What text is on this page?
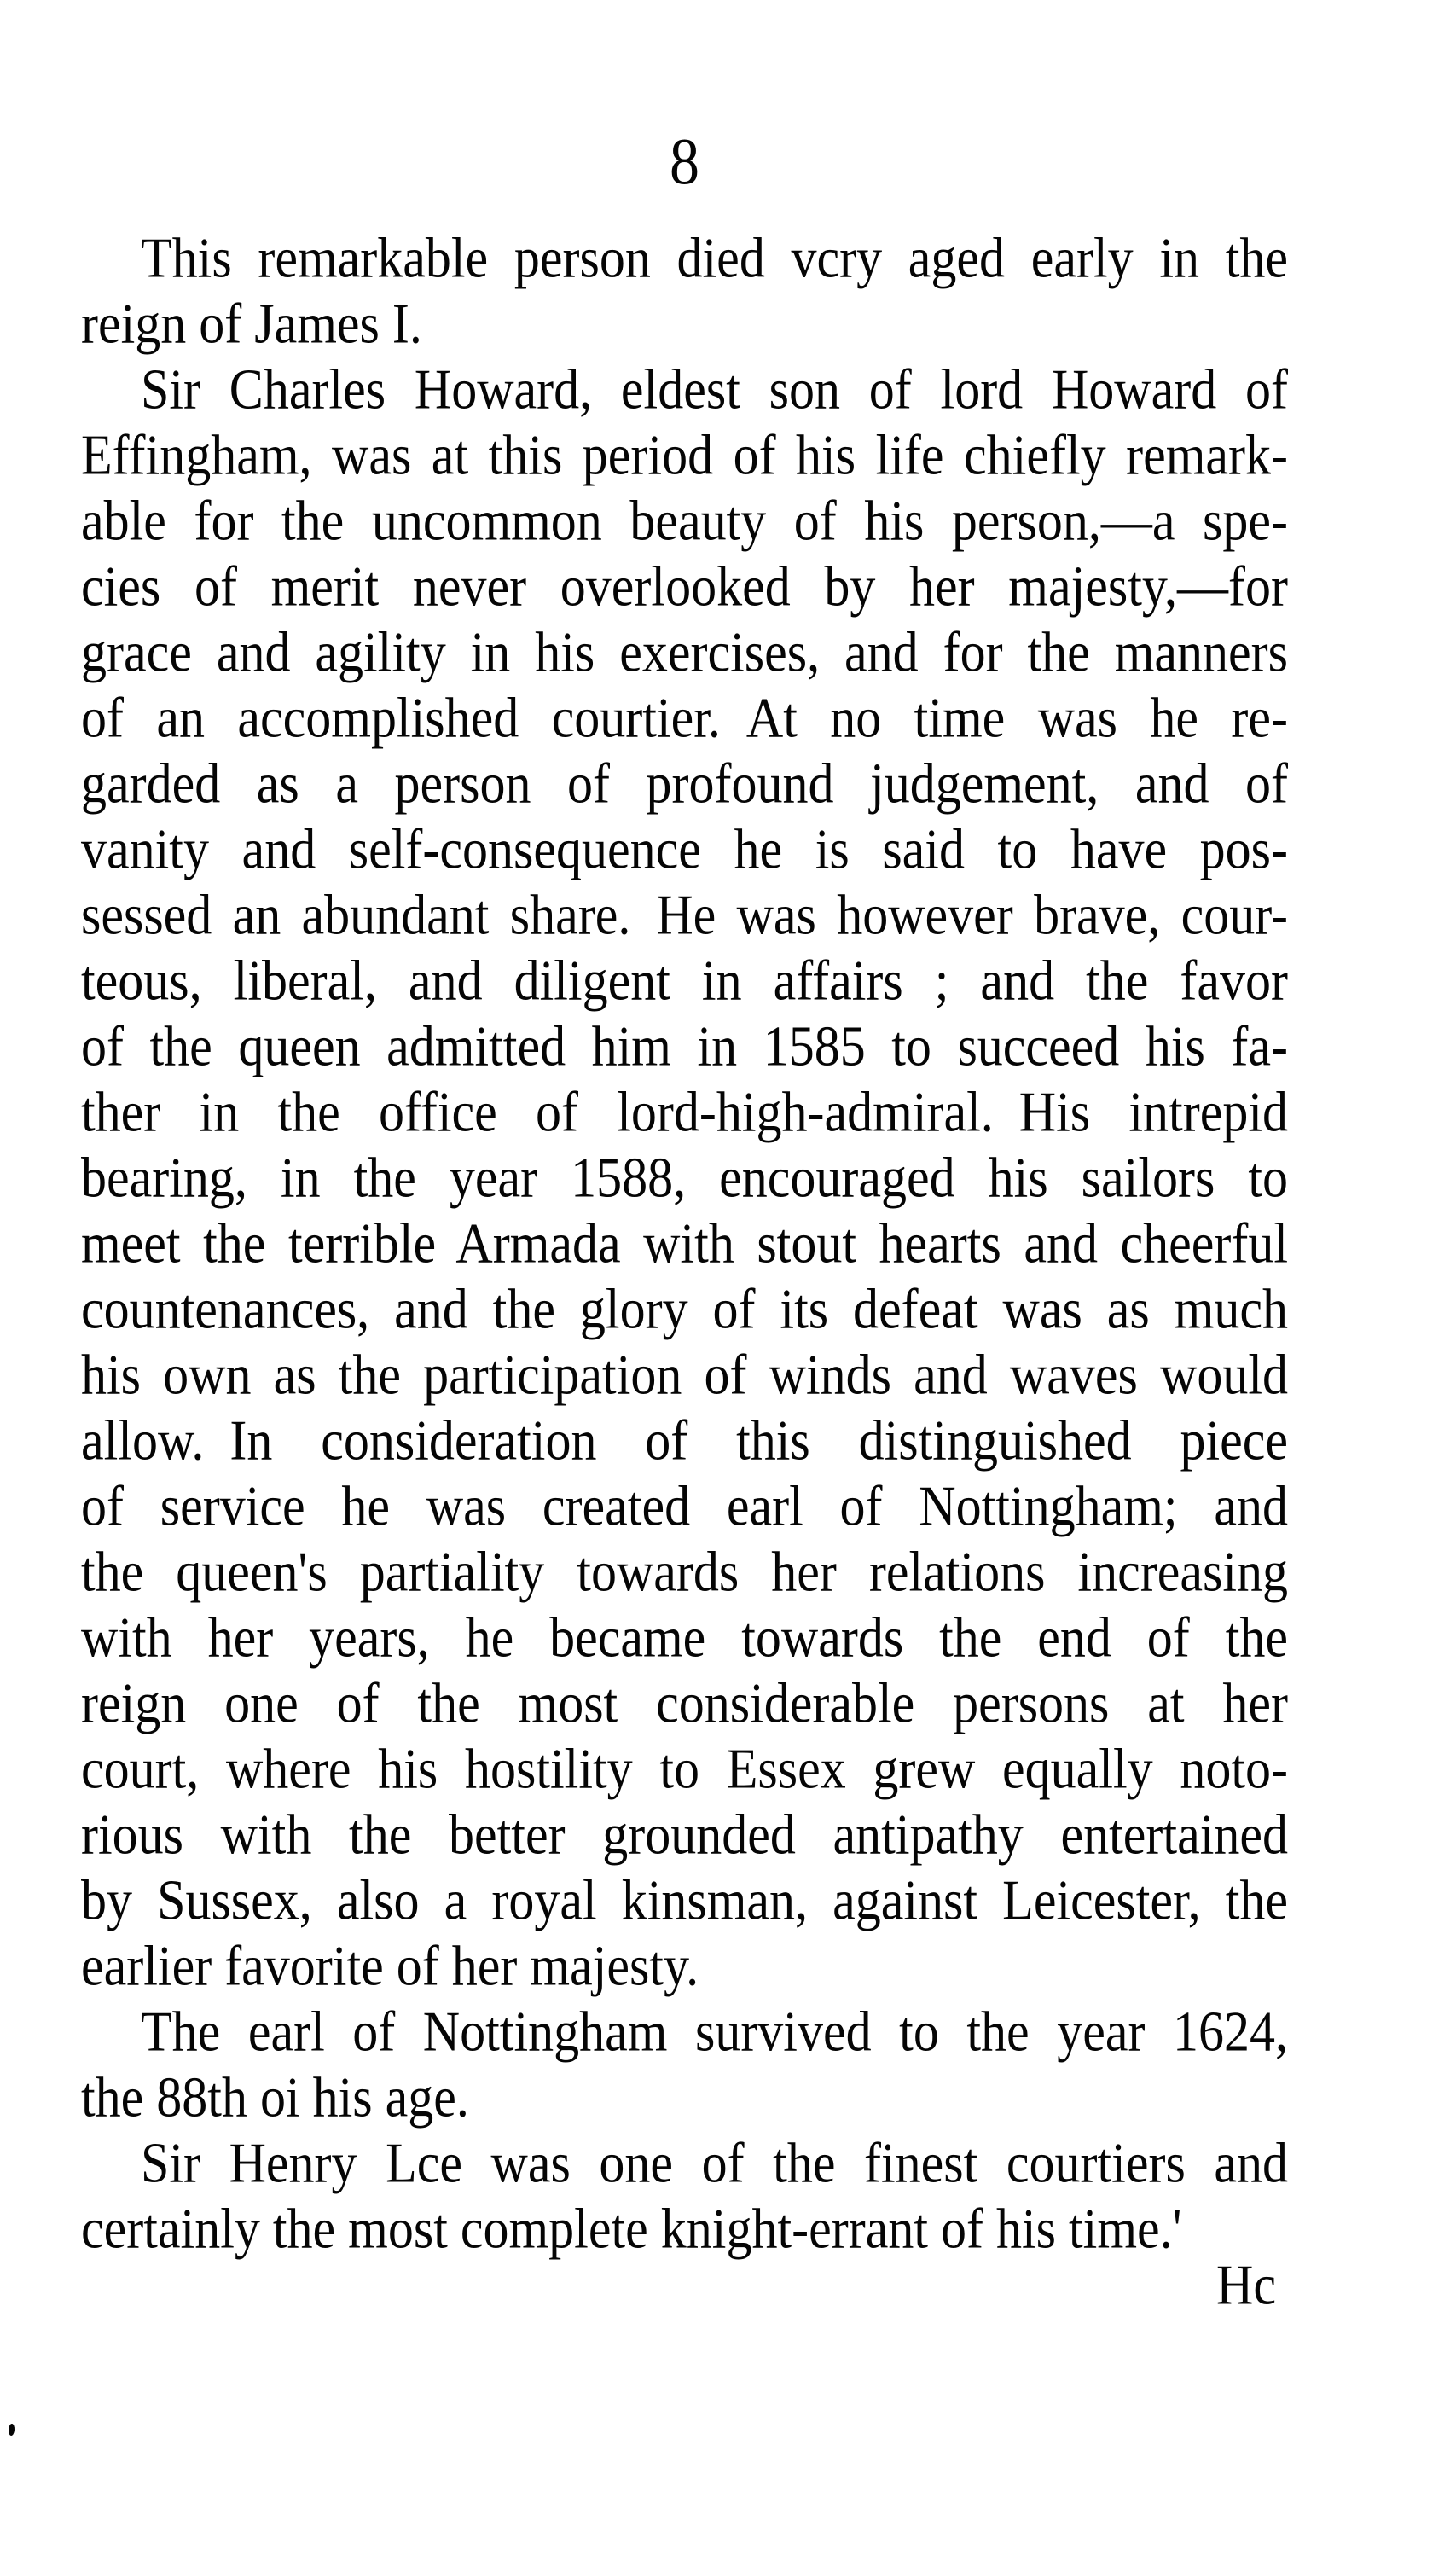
8
This remarkable person died vcry aged early in the
reign of James I.
Sir Charles Howard, eldest son of lord Howard of
Effingham, was at this period of his life chiefly remark-
able for the uncommon beauty of his person,—a spe-
cies of merit never overlooked by her majesty,—for
grace and agility in his exercises, and for the manners
of an accomplished courtier. At no time was he re-
garded as a person of profound judgement, and of
vanity and self-consequence he is said to have pos-
sessed an abundant share. He was however brave, cour-
teous, liberal, and diligent in affairs ; and the favor
of the queen admitted him in 1585 to succeed his fa-
ther in the office of lord-high-admiral. His intrepid
bearing, in the year 1588, encouraged his sailors to
meet the terrible Armada with stout hearts and cheerful
countenances, and the glory of its defeat was as much
his own as the participation of winds and waves would
allow. In consideration of this distinguished piece
of service he was created earl of Nottingham; and
the queen's partiality towards her relations increasing
with her years, he became towards the end of the
reign one of the most considerable persons at her
court, where his hostility to Essex grew equally noto-
rious with the better grounded antipathy entertained
by Sussex, also a royal kinsman, against Leicester, the
earlier favorite of her majesty.
The earl of Nottingham survived to the year 1624,
the 88th oi his age.
Sir Henry Lce was one of the finest courtiers and
certainly the most complete knight-errant of his time.'
Hc
